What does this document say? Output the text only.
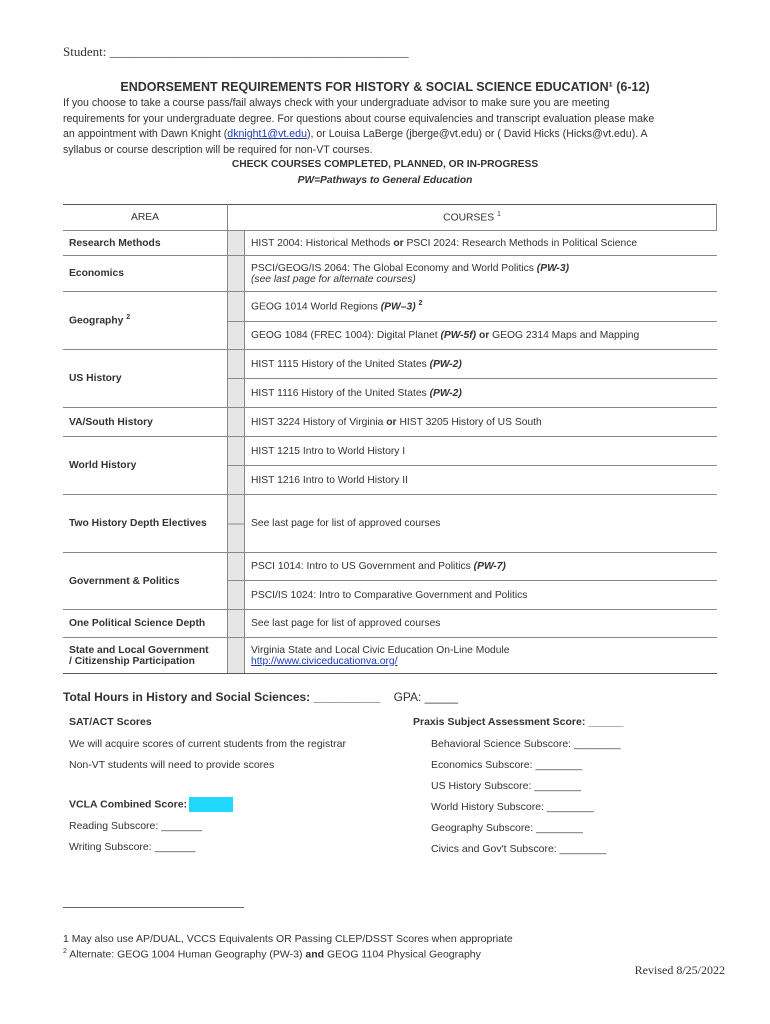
Student: ______________________________________________
ENDORSEMENT REQUIREMENTS FOR HISTORY & SOCIAL SCIENCE EDUCATION¹ (6-12)
If you choose to take a course pass/fail always check with your undergraduate advisor to make sure you are meeting
requirements for your undergraduate degree. For questions about course equivalencies and transcript evaluation please make
an appointment with Dawn Knight (dknight1@vt.edu), or Louisa LaBerge (jberge@vt.edu) or ( David Hicks (Hicks@vt.edu). A
syllabus or course description will be required for non-VT courses.
CHECK COURSES COMPLETED, PLANNED, OR IN-PROGRESS
PW=Pathways to General Education
AREA	COURSES $^1$
Research Methods		HIST 2004: Historical Methods or PSCI 2024: Research Methods in Political Science
Economics		PSCI/GEOG/IS 2064: The Global Economy and World Politics (PW-3)
(see last page for alternate courses)
Geography $^2$		GEOG 1014 World Regions (PW–3) $^2$
		GEOG 1084 (FREC 1004): Digital Planet (PW-5f) or GEOG 2314 Maps and Mapping
US History		HIST 1115 History of the United States (PW-2)
		HIST 1116 History of the United States (PW-2)
VA/South History		HIST 3224 History of Virginia or HIST 3205 History of US South
World History		HIST 1215 Intro to World History I
		HIST 1216 Intro to World History II
Two History Depth Electives		See last page for list of approved courses
Government & Politics		PSCI 1014: Intro to US Government and Politics (PW-7)
		PSCI/IS 1024: Intro to Comparative Government and Politics
One Political Science Depth		See last page for list of approved courses
State and Local Government
/ Citizenship Participation		Virginia State and Local Civic Education On-Line Module
http://www.civiceducationva.org/
Total Hours in History and Social Sciences: __________ GPA: _____
SAT/ACT Scores
We will acquire scores of current students from the registrar
Non-VT students will need to provide scores
VCLA Combined Score:
Reading Subscore: _______
Writing Subscore: _______
Praxis Subject Assessment Score: ______
Behavioral Science Subscore: ________
Economics Subscore: ________
US History Subscore: ________
World History Subscore: ________
Geography Subscore: ________
Civics and Gov't Subscore: ________
1 May also use AP/DUAL, VCCS Equivalents OR Passing CLEP/DSST Scores when appropriate
$^2$ Alternate: GEOG 1004 Human Geography (PW-3) and GEOG 1104 Physical Geography
Revised 8/25/2022
